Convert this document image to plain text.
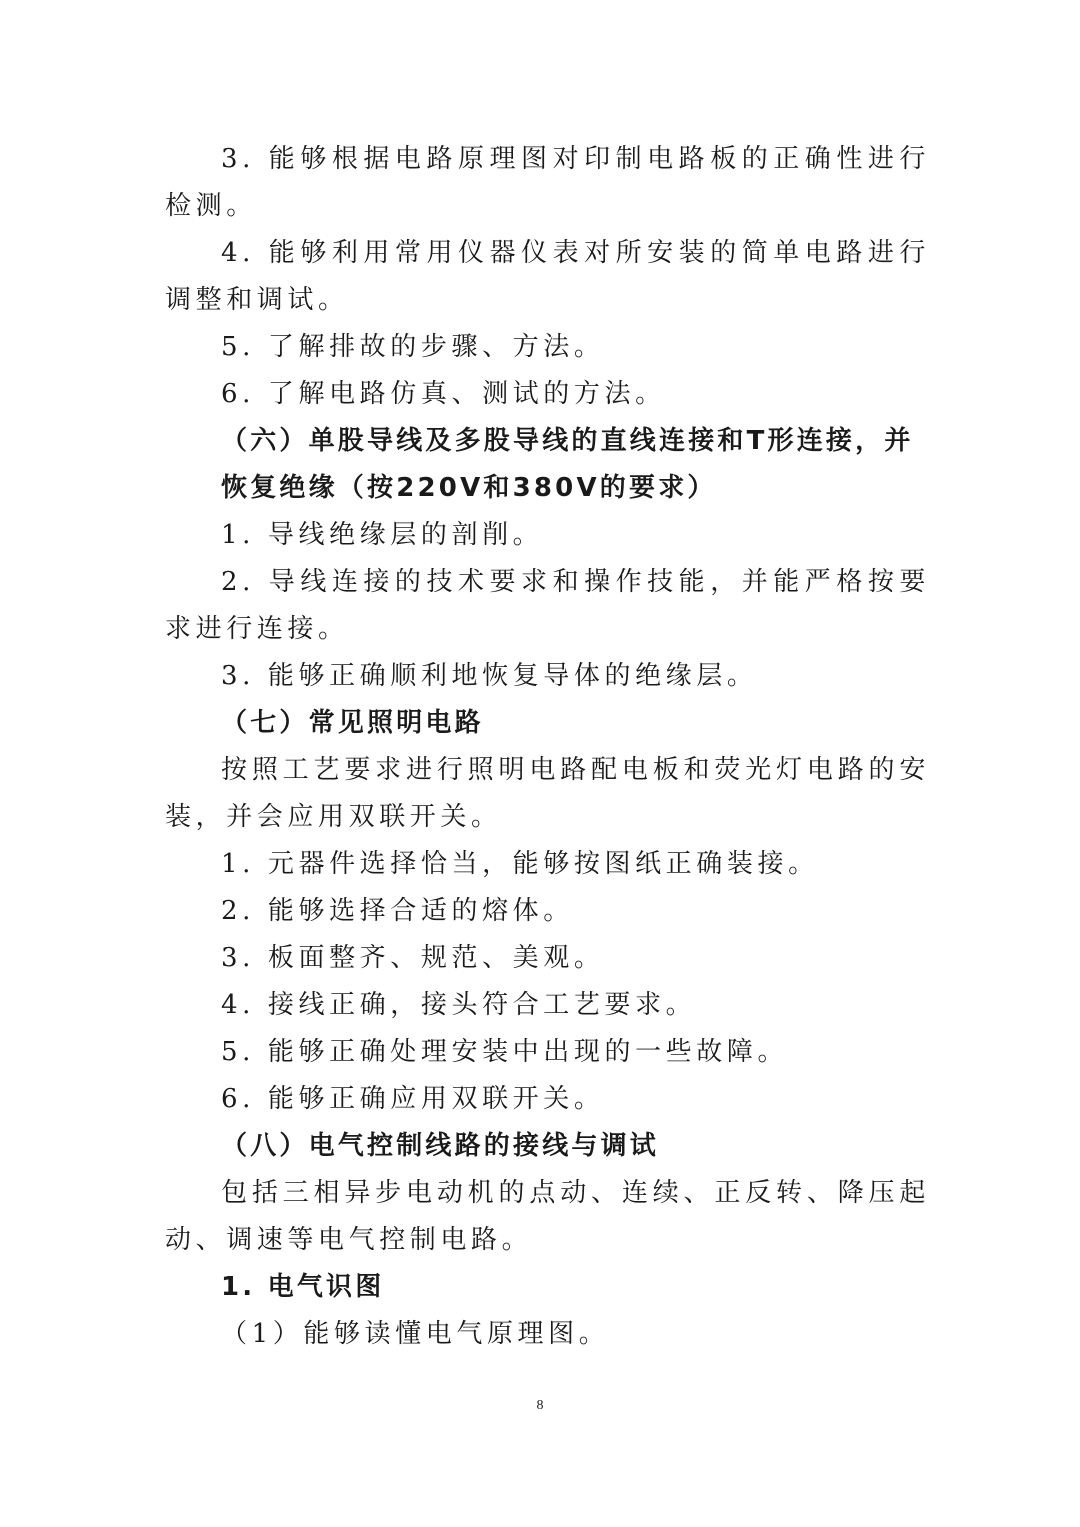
3. 能够根据电路原理图对印制电路板的正确性进行检测。

4. 能够利用常用仪器仪表对所安装的简单电路进行调整和调试。

5. 了解排故的步骤、方法。

6. 了解电路仿真、测试的方法。

（六）单股导线及多股导线的直线连接和T形连接，并

恢复绝缘（按220V和380V的要求）

1. 导线绝缘层的剖削。

2. 导线连接的技术要求和操作技能，并能严格按要求进行连接。

3. 能够正确顺利地恢复导体的绝缘层。

（七）常见照明电路

按照工艺要求进行照明电路配电板和荧光灯电路的安装，并会应用双联开关。

1. 元器件选择恰当，能够按图纸正确装接。

2. 能够选择合适的熔体。

3. 板面整齐、规范、美观。

4. 接线正确，接头符合工艺要求。

5. 能够正确处理安装中出现的一些故障。

6. 能够正确应用双联开关。

（八）电气控制线路的接线与调试

包括三相异步电动机的点动、连续、正反转、降压起动、调速等电气控制电路。

1. 电气识图

（1）能够读懂电气原理图。

8
